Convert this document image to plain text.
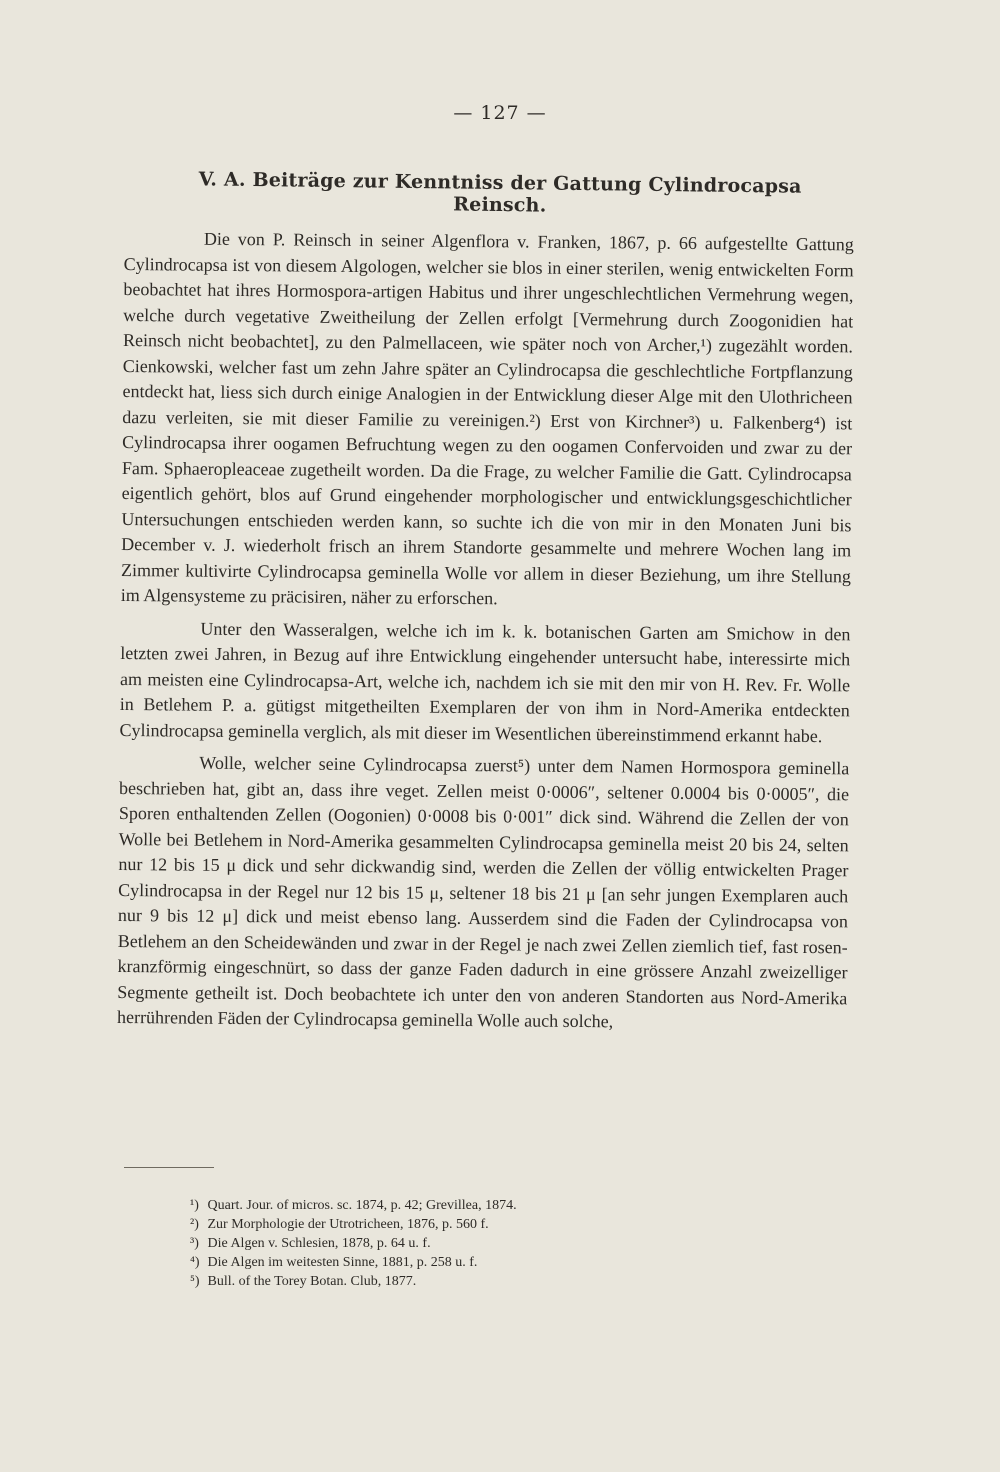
— 127 —
V. A. Beiträge zur Kenntniss der Gattung Cylindrocapsa Reinsch.

Die von P. Reinsch in seiner Algenflora v. Franken, 1867, p. 66 aufgestellte Gattung Cylindrocapsa ist von diesem Algologen, welcher sie blos in einer sterilen, wenig entwickelten Form beobachtet hat ihres Hormospora-artigen Habitus und ihrer ungeschlechtlichen Vermehrung wegen, welche durch vegetative Zweitheilung der Zellen erfolgt [Vermehrung durch Zoogonidien hat Reinsch nicht beobachtet], zu den Palmellaceen, wie später noch von Archer,¹) zugezählt worden. Cienkowski, welcher fast um zehn Jahre später an Cylindrocapsa die geschlechtliche Fortpflanzung entdeckt hat, liess sich durch einige Analogien in der Entwicklung dieser Alge mit den Ulothricheen dazu verleiten, sie mit dieser Familie zu vereinigen.²) Erst von Kirchner³) u. Falkenberg⁴) ist Cylindrocapsa ihrer oogamen Befruchtung wegen zu den oogamen Confervoiden und zwar zu der Fam. Sphaeropleaceae zugetheilt worden. Da die Frage, zu welcher Familie die Gatt. Cylindrocapsa eigentlich gehört, blos auf Grund eingehender morphologischer und entwicklungsgeschichtlicher Untersuchungen entschieden werden kann, so suchte ich die von mir in den Monaten Juni bis December v. J. wiederholt frisch an ihrem Standorte gesammelte und mehrere Wochen lang im Zimmer kultivirte Cylindrocapsa geminella Wolle vor allem in dieser Beziehung, um ihre Stellung im Algensysteme zu präcisiren, näher zu erforschen.

Unter den Wasseralgen, welche ich im k. k. botanischen Garten am Smichow in den letzten zwei Jahren, in Bezug auf ihre Entwicklung eingehender untersucht habe, interessirte mich am meisten eine Cylindrocapsa-Art, welche ich, nachdem ich sie mit den mir von H. Rev. Fr. Wolle in Betlehem P. a. gütigst mitgetheilten Exemplaren der von ihm in Nord-Amerika entdeckten Cylindrocapsa geminella verglich, als mit dieser im Wesentlichen übereinstimmend erkannt habe.

Wolle, welcher seine Cylindrocapsa zuerst⁵) unter dem Namen Hormospora geminella beschrieben hat, gibt an, dass ihre veget. Zellen meist 0·0006″, seltener 0.0004 bis 0·0005″, die Sporen enthaltenden Zellen (Oogonien) 0·0008 bis 0·001″ dick sind. Während die Zellen der von Wolle bei Betlehem in Nord-Amerika gesammelten Cylindrocapsa geminella meist 20 bis 24, selten nur 12 bis 15 μ dick und sehr dickwandig sind, werden die Zellen der völlig entwickelten Prager Cylindrocapsa in der Regel nur 12 bis 15 μ, seltener 18 bis 21 μ [an sehr jungen Exemplaren auch nur 9 bis 12 μ] dick und meist ebenso lang. Ausserdem sind die Faden der Cylindrocapsa von Betlehem an den Scheidewänden und zwar in der Regel je nach zwei Zellen ziemlich tief, fast rosenkranzförmig eingeschnürt, so dass der ganze Faden dadurch in eine grössere Anzahl zweizelliger Segmente getheilt ist. Doch beobachtete ich unter den von anderen Standorten aus Nord-Amerika herrührenden Fäden der Cylindrocapsa geminella Wolle auch solche,

¹) Quart. Jour. of micros. sc. 1874, p. 42; Grevillea, 1874.
²) Zur Morphologie der Utrotricheen, 1876, p. 560 f.
³) Die Algen v. Schlesien, 1878, p. 64 u. f.
⁴) Die Algen im weitesten Sinne, 1881, p. 258 u. f.
⁵) Bull. of the Torey Botan. Club, 1877.
